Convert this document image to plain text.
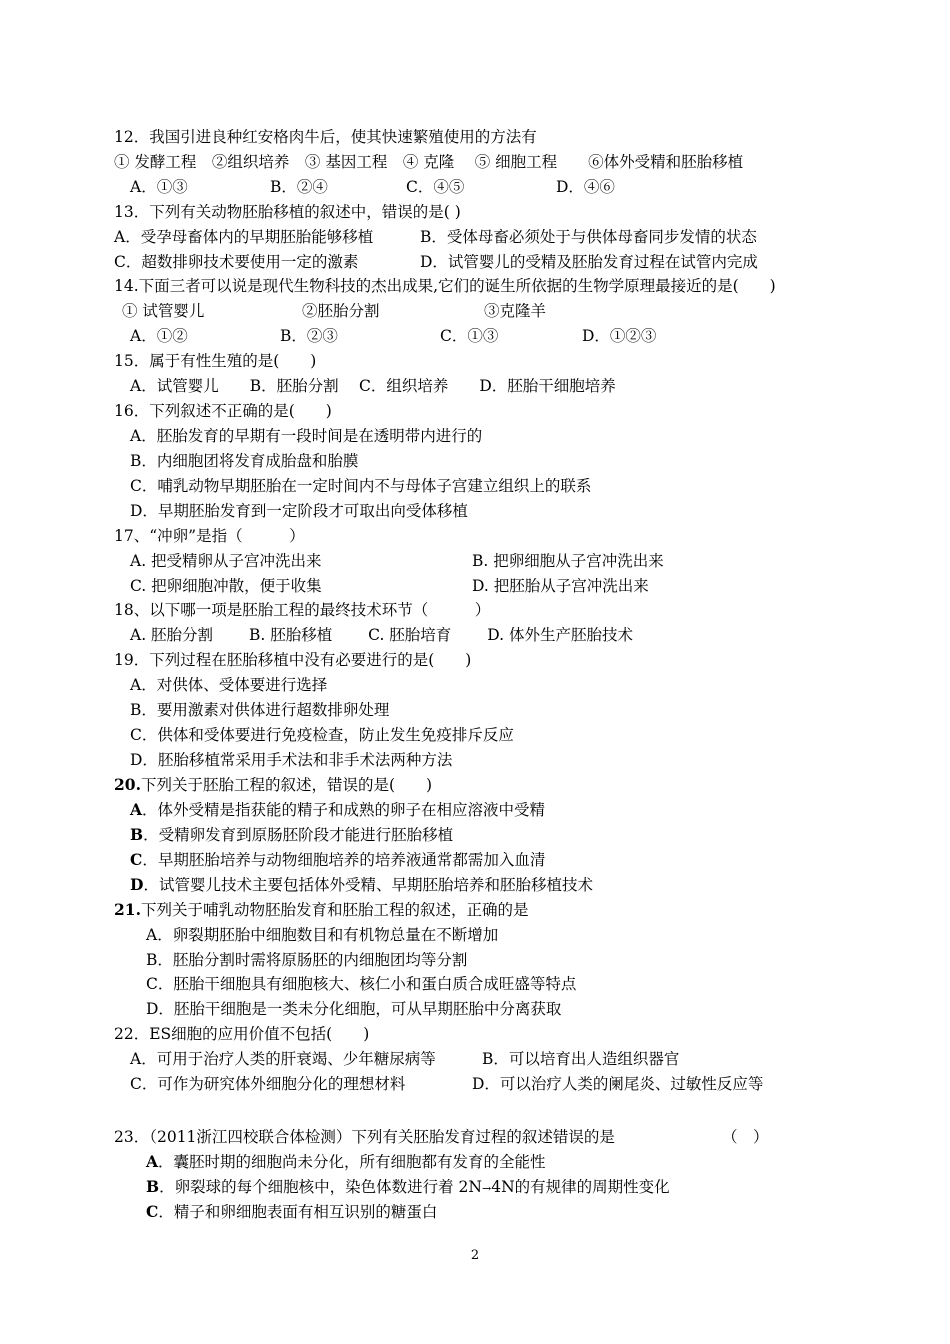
12．我国引进良种红安格肉牛后，使其快速繁殖使用的方法有
① 发酵工程　②组织培养　③ 基因工程　④ 克隆　 ⑤ 细胞工程　　⑥体外受精和胚胎移植
A．①③	B．②④	C．④⑤	D．④⑥
13．下列有关动物胚胎移植的叙述中，错误的是( )
A．受孕母畜体内的早期胚胎能够移植	B．受体母畜必须处于与供体母畜同步发情的状态
C．超数排卵技术要使用一定的激素	D．试管婴儿的受精及胚胎发育过程在试管内完成
14.下面三者可以说是现代生物科技的杰出成果,它们的诞生所依据的生物学原理最接近的是(　　)
① 试管婴儿	②胚胎分割	③克隆羊
A．①②	B．②③	C．①③	D．①②③
15．属于有性生殖的是(　　)
A．试管婴儿　　B．胚胎分割　 C．组织培养　　D．胚胎干细胞培养
16．下列叙述不正确的是(　　)
A．胚胎发育的早期有一段时间是在透明带内进行的
B．内细胞团将发育成胎盘和胎膜
C．哺乳动物早期胚胎在一定时间内不与母体子宫建立组织上的联系
D．早期胚胎发育到一定阶段才可取出向受体移植
17、“冲卵”是指（　　　）
A. 把受精卵从子宫冲洗出来	B. 把卵细胞从子宫冲洗出来
C. 把卵细胞冲散，便于收集	D. 把胚胎从子宫冲洗出来
18、以下哪一项是胚胎工程的最终技术环节（　　　）
A. 胚胎分割　　 B. 胚胎移植　　 C. 胚胎培育　　 D. 体外生产胚胎技术
19．下列过程在胚胎移植中没有必要进行的是(　　)
A．对供体、受体要进行选择
B．要用激素对供体进行超数排卵处理
C．供体和受体要进行免疫检查，防止发生免疫排斥反应
D．胚胎移植常采用手术法和非手术法两种方法
20.下列关于胚胎工程的叙述，错误的是(　　)
A．体外受精是指获能的精子和成熟的卵子在相应溶液中受精
B．受精卵发育到原肠胚阶段才能进行胚胎移植
C．早期胚胎培养与动物细胞培养的培养液通常都需加入血清
D．试管婴儿技术主要包括体外受精、早期胚胎培养和胚胎移植技术
21.下列关于哺乳动物胚胎发育和胚胎工程的叙述，正确的是
A．卵裂期胚胎中细胞数目和有机物总量在不断增加
B．胚胎分割时需将原肠胚的内细胞团均等分割
C．胚胎干细胞具有细胞核大、核仁小和蛋白质合成旺盛等特点
D．胚胎干细胞是一类未分化细胞，可从早期胚胎中分离获取
22．ES细胞的应用价值不包括(　　)
A．可用于治疗人类的肝衰竭、少年糖尿病等	B．可以培育出人造组织器官
C．可作为研究体外细胞分化的理想材料	D．可以治疗人类的阑尾炎、过敏性反应等
23．（2011浙江四校联合体检测）下列有关胚胎发育过程的叙述错误的是	（　）
A．囊胚时期的细胞尚未分化，所有细胞都有发育的全能性
B．卵裂球的每个细胞核中，染色体数进行着 2N→4N的有规律的周期性变化
C．精子和卵细胞表面有相互识别的糖蛋白
2
